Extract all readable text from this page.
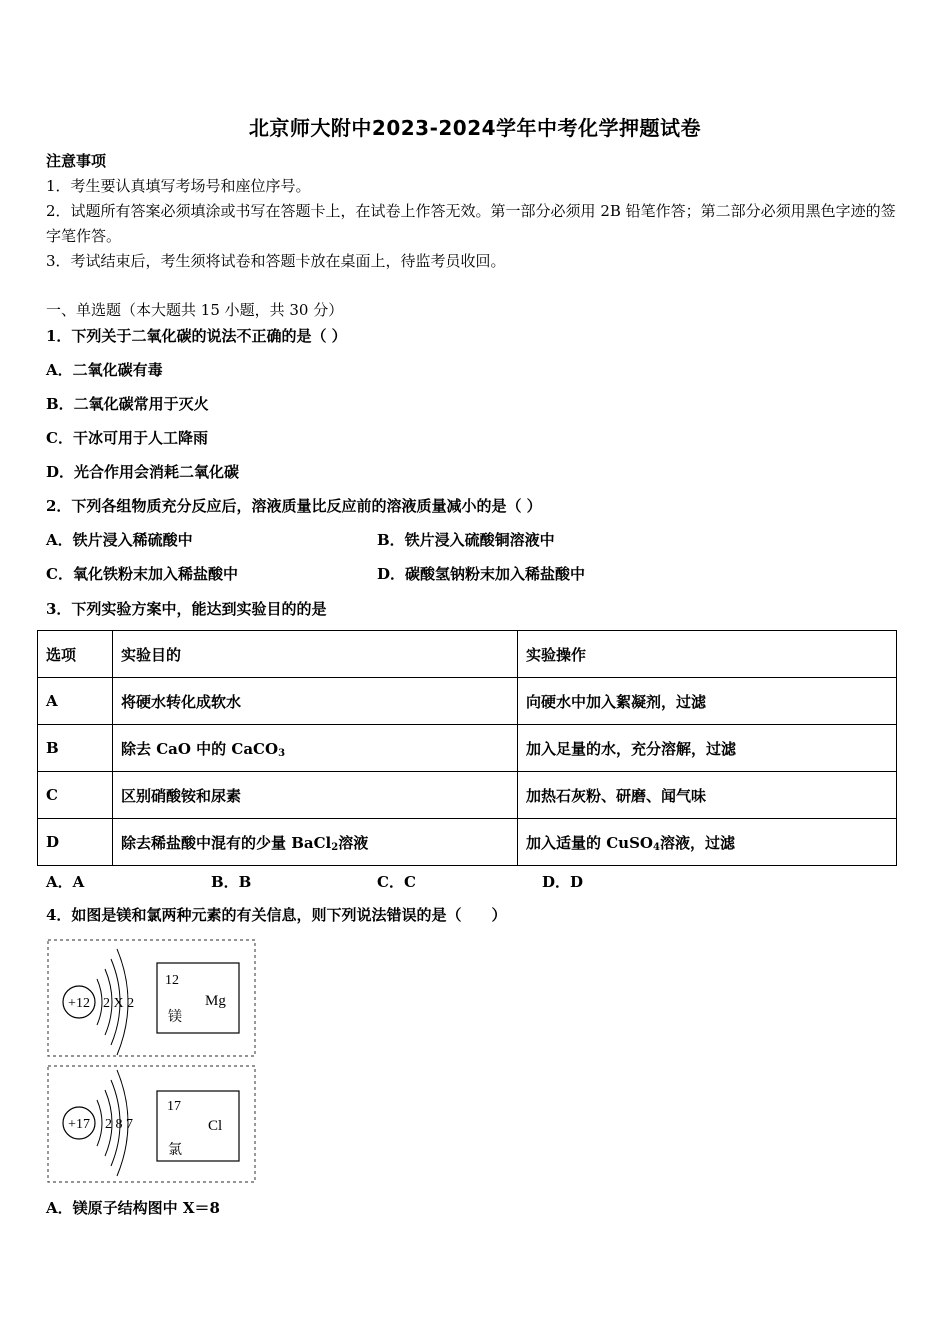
北京师大附中2023-2024学年中考化学押题试卷
注意事项
1．考生要认真填写考场号和座位序号。
2．试题所有答案必须填涂或书写在答题卡上，在试卷上作答无效。第一部分必须用 2B 铅笔作答；第二部分必须用黑色字迹的签字笔作答。
3．考试结束后，考生须将试卷和答题卡放在桌面上，待监考员收回。
一、单选题（本大题共 15 小题，共 30 分）
1．下列关于二氧化碳的说法不正确的是（ ）
A．二氧化碳有毒
B．二氧化碳常用于灭火
C．干冰可用于人工降雨
D．光合作用会消耗二氧化碳
2．下列各组物质充分反应后，溶液质量比反应前的溶液质量减小的是（ ）
A．铁片浸入稀硫酸中	B．铁片浸入硫酸铜溶液中
C．氧化铁粉末加入稀盐酸中	D．碳酸氢钠粉末加入稀盐酸中
3．下列实验方案中，能达到实验目的的是
选项	实验目的	实验操作
A	将硬水转化成软水	向硬水中加入絮凝剂，过滤
B	除去 CaO 中的 CaCO$_3$	加入足量的水，充分溶解，过滤
C	区别硝酸铵和尿素	加热石灰粉、研磨、闻气味
D	除去稀盐酸中混有的少量 BaCl$_2$溶液	加入适量的 CuSO$_4$溶液，过滤
A．A	B．B	C．C	D．D
4．如图是镁和氯两种元素的有关信息，则下列说法错误的是（　　）
+12 2 X 2
12
Mg
镁
+17 2 8 7
17
Cl
氯
A．镁原子结构图中 X＝8
